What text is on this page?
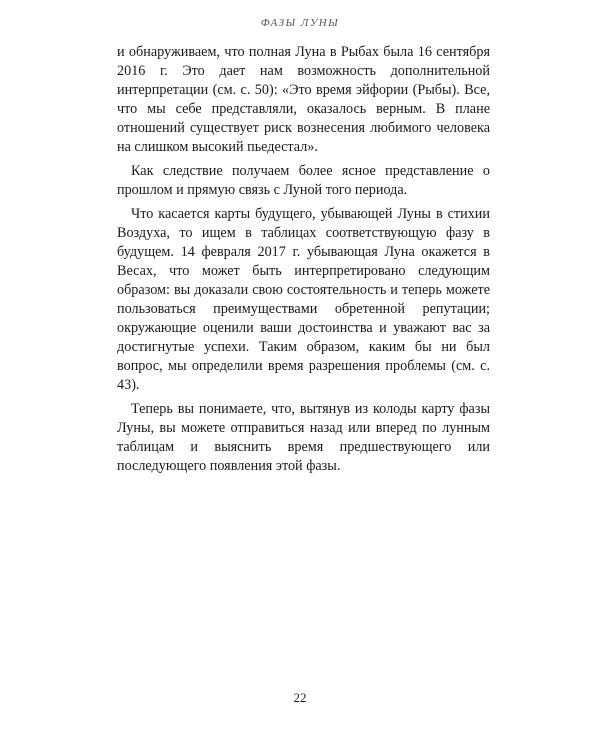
ФАЗЫ ЛУНЫ

и обнаруживаем, что полная Луна в Рыбах была 16 сентября 2016 г. Это дает нам возможность дополнительной интерпретации (см. с. 50): «Это время эйфории (Рыбы). Все, что мы себе представляли, оказалось верным. В плане отношений существует риск вознесения любимого человека на слишком высокий пьедестал».

Как следствие получаем более ясное представление о прошлом и прямую связь с Луной того периода.

Что касается карты будущего, убывающей Луны в стихии Воздуха, то ищем в таблицах соответствующую фазу в будущем. 14 февраля 2017 г. убывающая Луна окажется в Весах, что может быть интерпретировано следующим образом: вы доказали свою состоятельность и теперь можете пользоваться преимуществами обретенной репутации; окружающие оценили ваши достоинства и уважают вас за достигнутые успехи. Таким образом, каким бы ни был вопрос, мы определили время разрешения проблемы (см. с. 43).

Теперь вы понимаете, что, вытянув из колоды карту фазы Луны, вы можете отправиться назад или вперед по лунным таблицам и выяснить время предшествующего или последующего появления этой фазы.

22
